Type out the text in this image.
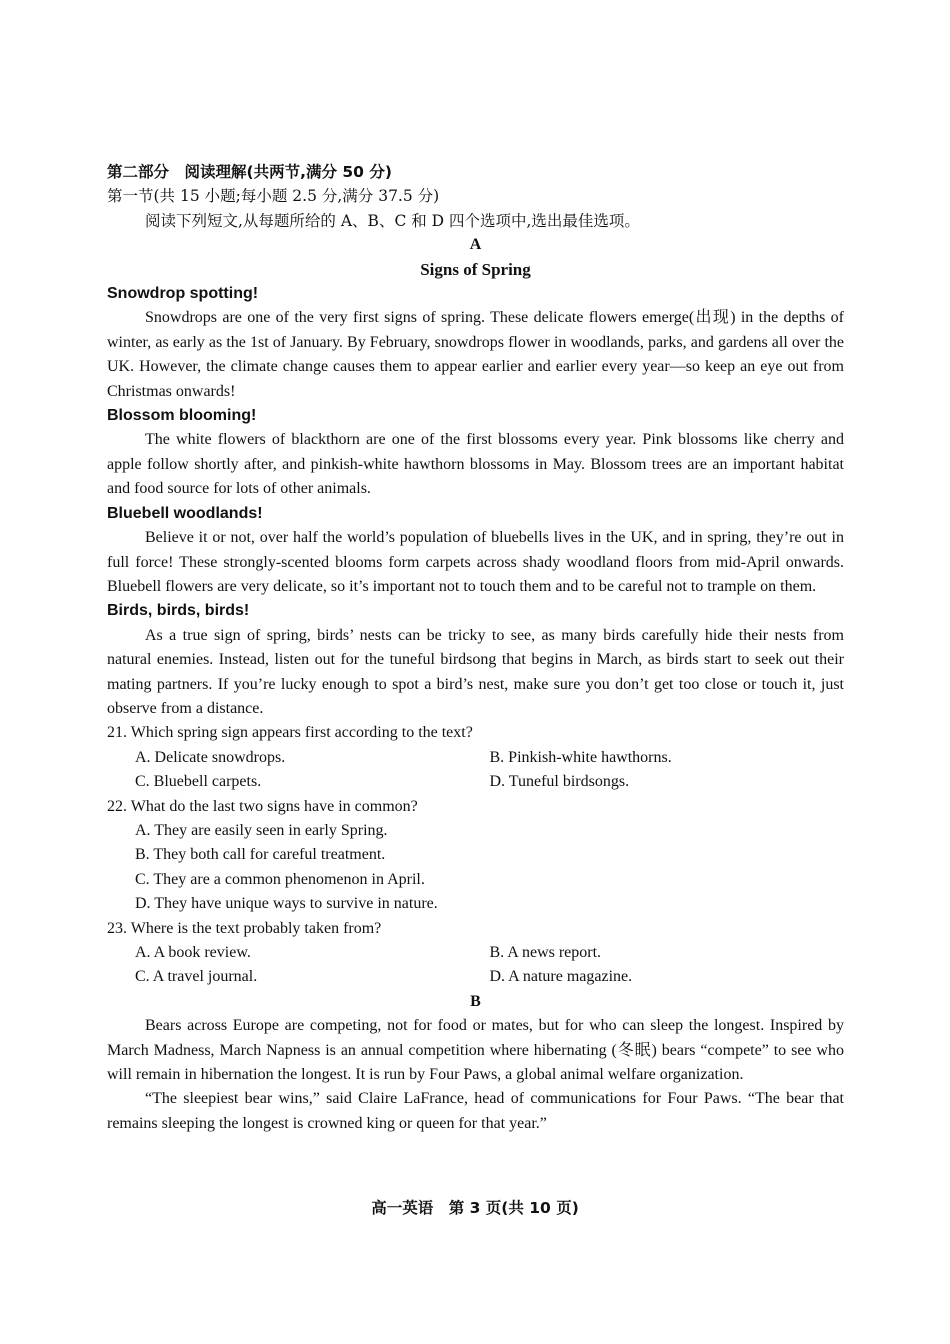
第二部分　阅读理解(共两节,满分 50 分)

第一节(共 15 小题;每小题 2.5 分,满分 37.5 分)

阅读下列短文,从每题所给的 A、B、C 和 D 四个选项中,选出最佳选项。

A

Signs of Spring

Snowdrop spotting!

Snowdrops are one of the very first signs of spring. These delicate flowers emerge(出现) in the depths of winter, as early as the 1st of January. By February, snowdrops flower in woodlands, parks, and gardens all over the UK. However, the climate change causes them to appear earlier and earlier every year—so keep an eye out from Christmas onwards!

Blossom blooming!

The white flowers of blackthorn are one of the first blossoms every year. Pink blossoms like cherry and apple follow shortly after, and pinkish-white hawthorn blossoms in May. Blossom trees are an important habitat and food source for lots of other animals.

Bluebell woodlands!

Believe it or not, over half the world’s population of bluebells lives in the UK, and in spring, they’re out in full force! These strongly-scented blooms form carpets across shady woodland floors from mid-April onwards. Bluebell flowers are very delicate, so it’s important not to touch them and to be careful not to trample on them.

Birds, birds, birds!

As a true sign of spring, birds’ nests can be tricky to see, as many birds carefully hide their nests from natural enemies. Instead, listen out for the tuneful birdsong that begins in March, as birds start to seek out their mating partners. If you’re lucky enough to spot a bird’s nest, make sure you don’t get too close or touch it, just observe from a distance.

21. Which spring sign appears first according to the text?

A. Delicate snowdrops.	B. Pinkish-white hawthorns.
C. Bluebell carpets.	D. Tuneful birdsongs.

22. What do the last two signs have in common?

A. They are easily seen in early Spring.

B. They both call for careful treatment.

C. They are a common phenomenon in April.

D. They have unique ways to survive in nature.

23. Where is the text probably taken from?

A. A book review.	B. A news report.
C. A travel journal.	D. A nature magazine.

B

Bears across Europe are competing, not for food or mates, but for who can sleep the longest. Inspired by March Madness, March Napness is an annual competition where hibernating (冬眠) bears “compete” to see who will remain in hibernation the longest. It is run by Four Paws, a global animal welfare organization.

“The sleepiest bear wins,” said Claire LaFrance, head of communications for Four Paws. “The bear that remains sleeping the longest is crowned king or queen for that year.”

高一英语　第 3 页(共 10 页)
